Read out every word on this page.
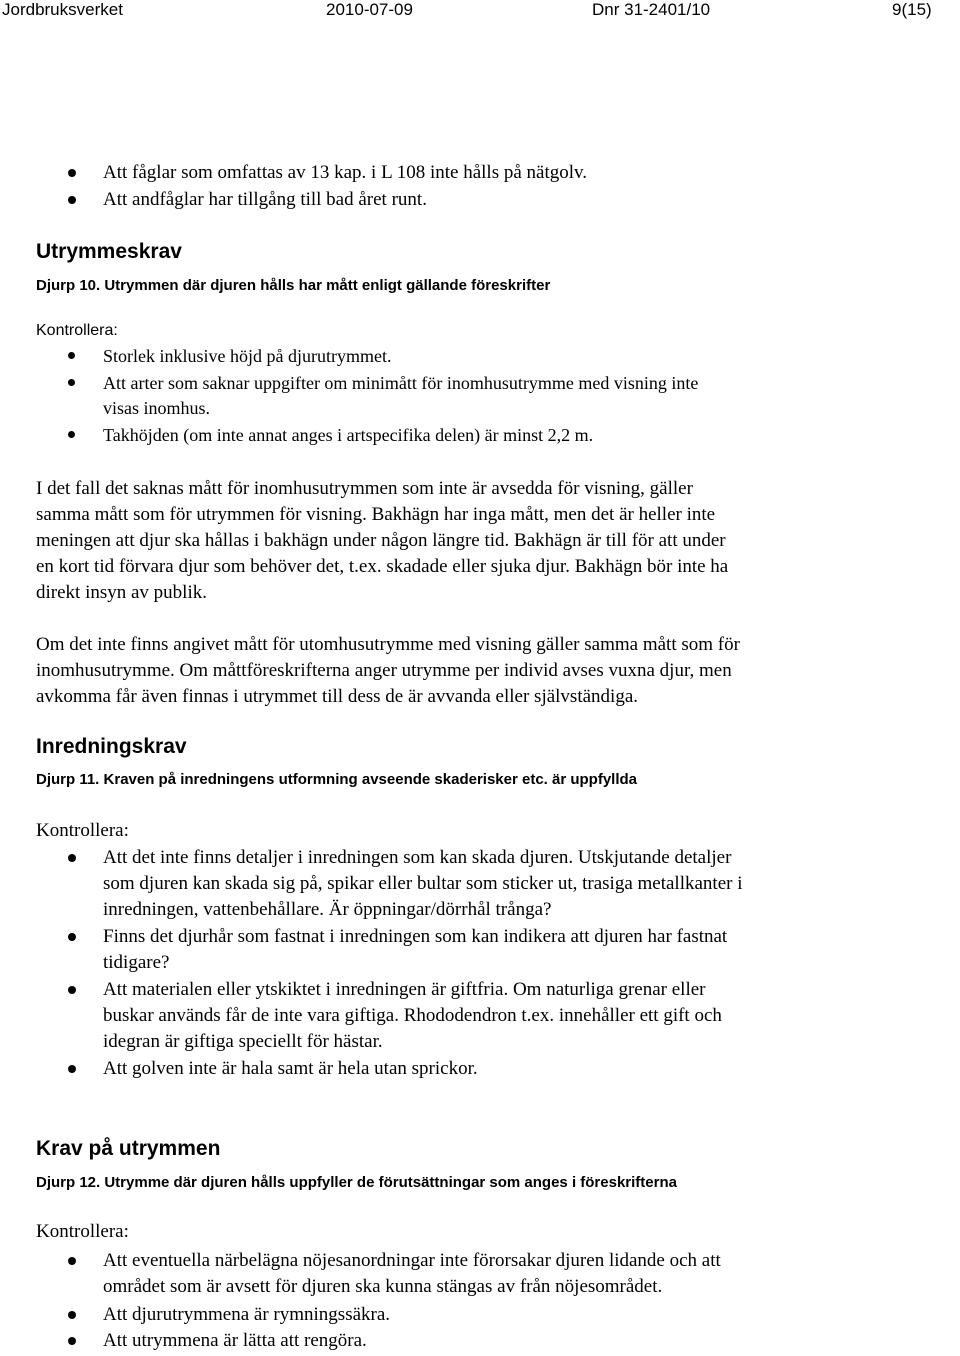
Jordbruksverket	2010-07-09	Dnr 31-2401/10	9(15)
Att fåglar som omfattas av 13 kap. i L 108 inte hålls på nätgolv.
Att andfåglar har tillgång till bad året runt.
Utrymmeskrav
Djurp 10. Utrymmen där djuren hålls har mått enligt gällande föreskrifter
Kontrollera:
Storlek inklusive höjd på djurutrymmet.
Att arter som saknar uppgifter om minimått för inomhusutrymme med visning inte
visas inomhus.
Takhöjden (om inte annat anges i artspecifika delen) är minst 2,2 m.
I det fall det saknas mått för inomhusutrymmen som inte är avsedda för visning, gäller
samma mått som för utrymmen för visning. Bakhägn har inga mått, men det är heller inte
meningen att djur ska hållas i bakhägn under någon längre tid. Bakhägn är till för att under
en kort tid förvara djur som behöver det, t.ex. skadade eller sjuka djur. Bakhägn bör inte ha
direkt insyn av publik.
Om det inte finns angivet mått för utomhusutrymme med visning gäller samma mått som för
inomhusutrymme. Om måttföreskrifterna anger utrymme per individ avses vuxna djur, men
avkomma får även finnas i utrymmet till dess de är avvanda eller självständiga.
Inredningskrav
Djurp 11. Kraven på inredningens utformning avseende skaderisker etc. är uppfyllda
Kontrollera:
Att det inte finns detaljer i inredningen som kan skada djuren. Utskjutande detaljer
som djuren kan skada sig på, spikar eller bultar som sticker ut, trasiga metallkanter i
inredningen, vattenbehållare. Är öppningar/dörrhål trånga?
Finns det djurhår som fastnat i inredningen som kan indikera att djuren har fastnat
tidigare?
Att materialen eller ytskiktet i inredningen är giftfria. Om naturliga grenar eller
buskar används får de inte vara giftiga. Rhododendron t.ex. innehåller ett gift och
idegran är giftiga speciellt för hästar.
Att golven inte är hala samt är hela utan sprickor.
Krav på utrymmen
Djurp 12. Utrymme där djuren hålls uppfyller de förutsättningar som anges i föreskrifterna
Kontrollera:
Att eventuella närbelägna nöjesanordningar inte förorsakar djuren lidande och att
området som är avsett för djuren ska kunna stängas av från nöjesområdet.
Att djurutrymmena är rymningssäkra.
Att utrymmena är lätta att rengöra.
